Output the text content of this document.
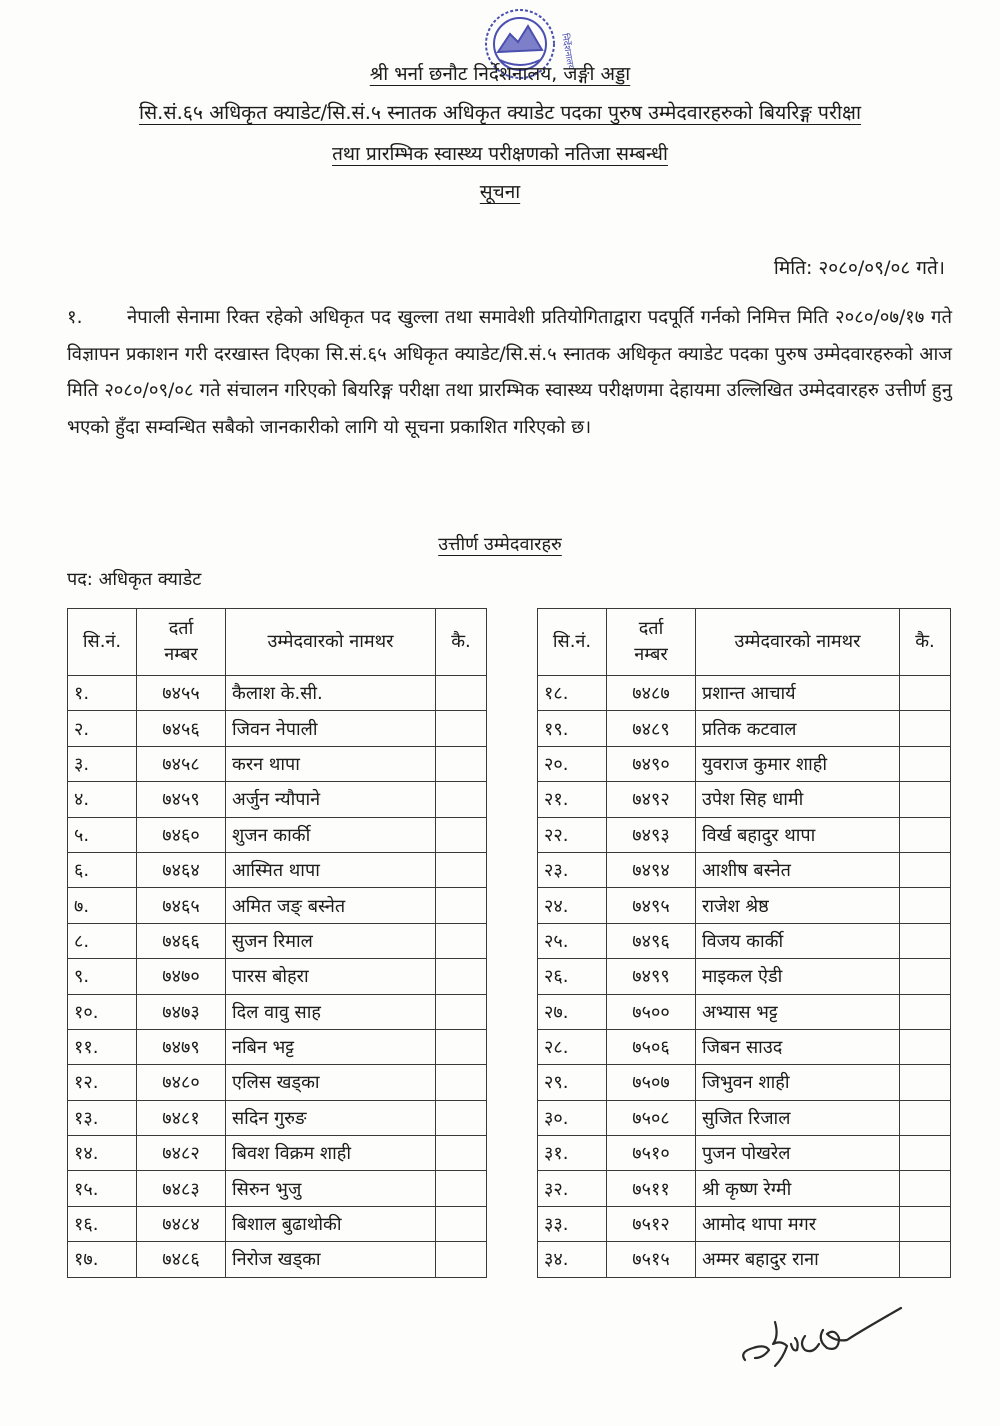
निर्देशनालय
श्री भर्ना छनौट निर्देशनालय, जङ्गी अड्डा
सि.सं.६५ अधिकृत क्याडेट/सि.सं.५ स्नातक अधिकृत क्याडेट पदका पुरुष उम्मेदवारहरुको बियरिङ्ग परीक्षा
तथा प्रारम्भिक स्वास्थ्य परीक्षणको नतिजा सम्बन्धी
सूचना
मिति: २०८०/०९/०८ गते।
१. नेपाली सेनामा रिक्त रहेको अधिकृत पद खुल्ला तथा समावेशी प्रतियोगिताद्वारा पदपूर्ति गर्नको निमित्त मिति २०८०/०७/१७ गते विज्ञापन प्रकाशन गरी दरखास्त दिएका सि.सं.६५ अधिकृत क्याडेट/सि.सं.५ स्नातक अधिकृत क्याडेट पदका पुरुष उम्मेदवारहरुको आज मिति २०८०/०९/०८ गते संचालन गरिएको बियरिङ्ग परीक्षा तथा प्रारम्भिक स्वास्थ्य परीक्षणमा देहायमा उल्लिखित उम्मेदवारहरु उत्तीर्ण हुनु भएको हुँदा सम्वन्धित सबैको जानकारीको लागि यो सूचना प्रकाशित गरिएको छ।
उत्तीर्ण उम्मेदवारहरु
पद: अधिकृत क्याडेट
सि.नं.	दर्ता
नम्बर	उम्मेदवारको नामथर	कै.
१.	७४५५	कैलाश के.सी.	
२.	७४५६	जिवन नेपाली	
३.	७४५८	करन थापा	
४.	७४५९	अर्जुन न्यौपाने	
५.	७४६०	शुजन कार्की	
६.	७४६४	आस्मित थापा	
७.	७४६५	अमित जङ् बस्नेत	
८.	७४६६	सुजन रिमाल	
९.	७४७०	पारस बोहरा	
१०.	७४७३	दिल वावु साह	
११.	७४७९	नबिन भट्ट	
१२.	७४८०	एलिस खड्का	
१३.	७४८१	सदिन गुरुङ	
१४.	७४८२	बिवश विक्रम शाही	
१५.	७४८३	सिरुन भुजु	
१६.	७४८४	बिशाल बुढाथोकी	
१७.	७४८६	निरोज खड्का	
सि.नं.	दर्ता
नम्बर	उम्मेदवारको नामथर	कै.
१८.	७४८७	प्रशान्त आचार्य	
१९.	७४८९	प्रतिक कटवाल	
२०.	७४९०	युवराज कुमार शाही	
२१.	७४९२	उपेश सिह धामी	
२२.	७४९३	विर्ख बहादुर थापा	
२३.	७४९४	आशीष बस्नेत	
२४.	७४९५	राजेश श्रेष्ठ	
२५.	७४९६	विजय कार्की	
२६.	७४९९	माइकल ऐडी	
२७.	७५००	अभ्यास भट्ट	
२८.	७५०६	जिबन साउद	
२९.	७५०७	जिभुवन शाही	
३०.	७५०८	सुजित रिजाल	
३१.	७५१०	पुजन पोखरेल	
३२.	७५११	श्री कृष्ण रेग्मी	
३३.	७५१२	आमोद थापा मगर	
३४.	७५१५	अम्मर बहादुर राना	
